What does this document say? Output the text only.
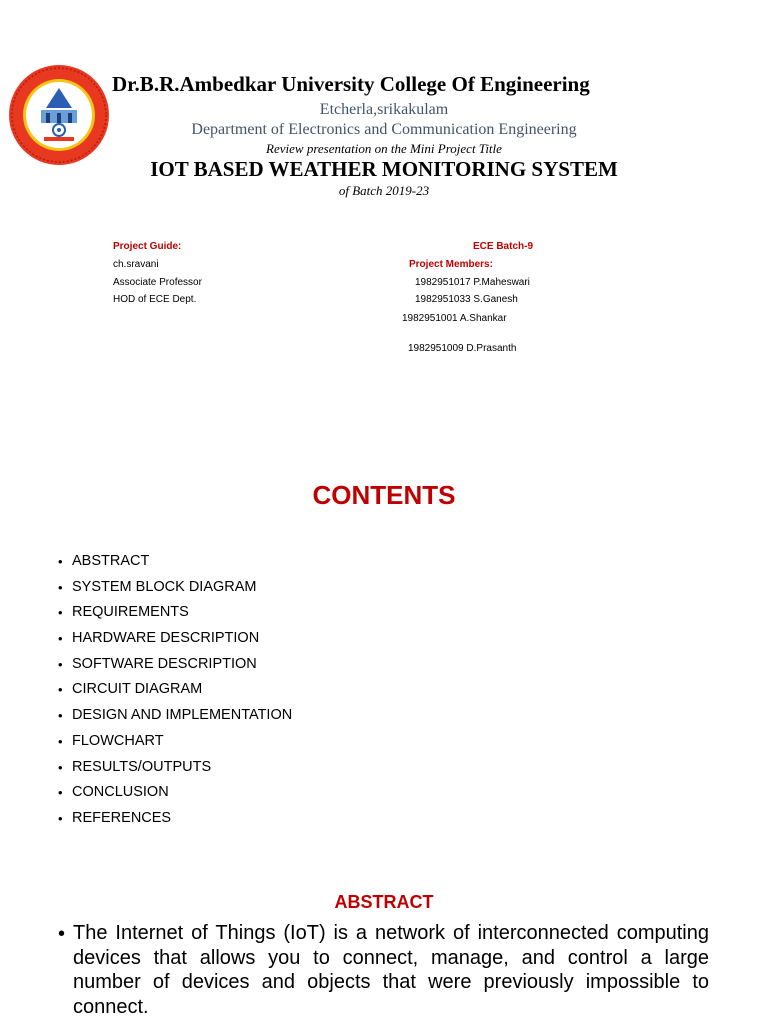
Dr.B.R.Ambedkar University College Of Engineering
Etcherla,srikakulam
Department of Electronics and Communication Engineering
Review presentation on the Mini Project Title
IOT BASED WEATHER MONITORING SYSTEM
of Batch 2019-23
Project Guide:
ch.sravani
Associate Professor
HOD of ECE Dept.
ECE Batch-9
Project Members:
1982951017 P.Maheswari
1982951033 S.Ganesh
1982951001 A.Shankar
1982951009 D.Prasanth
CONTENTS
• ABSTRACT
• SYSTEM BLOCK DIAGRAM
• REQUIREMENTS
• HARDWARE DESCRIPTION
• SOFTWARE DESCRIPTION
• CIRCUIT DIAGRAM
• DESIGN AND IMPLEMENTATION
• FLOWCHART
• RESULTS/OUTPUTS
• CONCLUSION
• REFERENCES
ABSTRACT
• The Internet of Things (IoT) is a network of interconnected computing devices that allows you to connect, manage, and control a large number of devices and objects that were previously impossible to connect.
